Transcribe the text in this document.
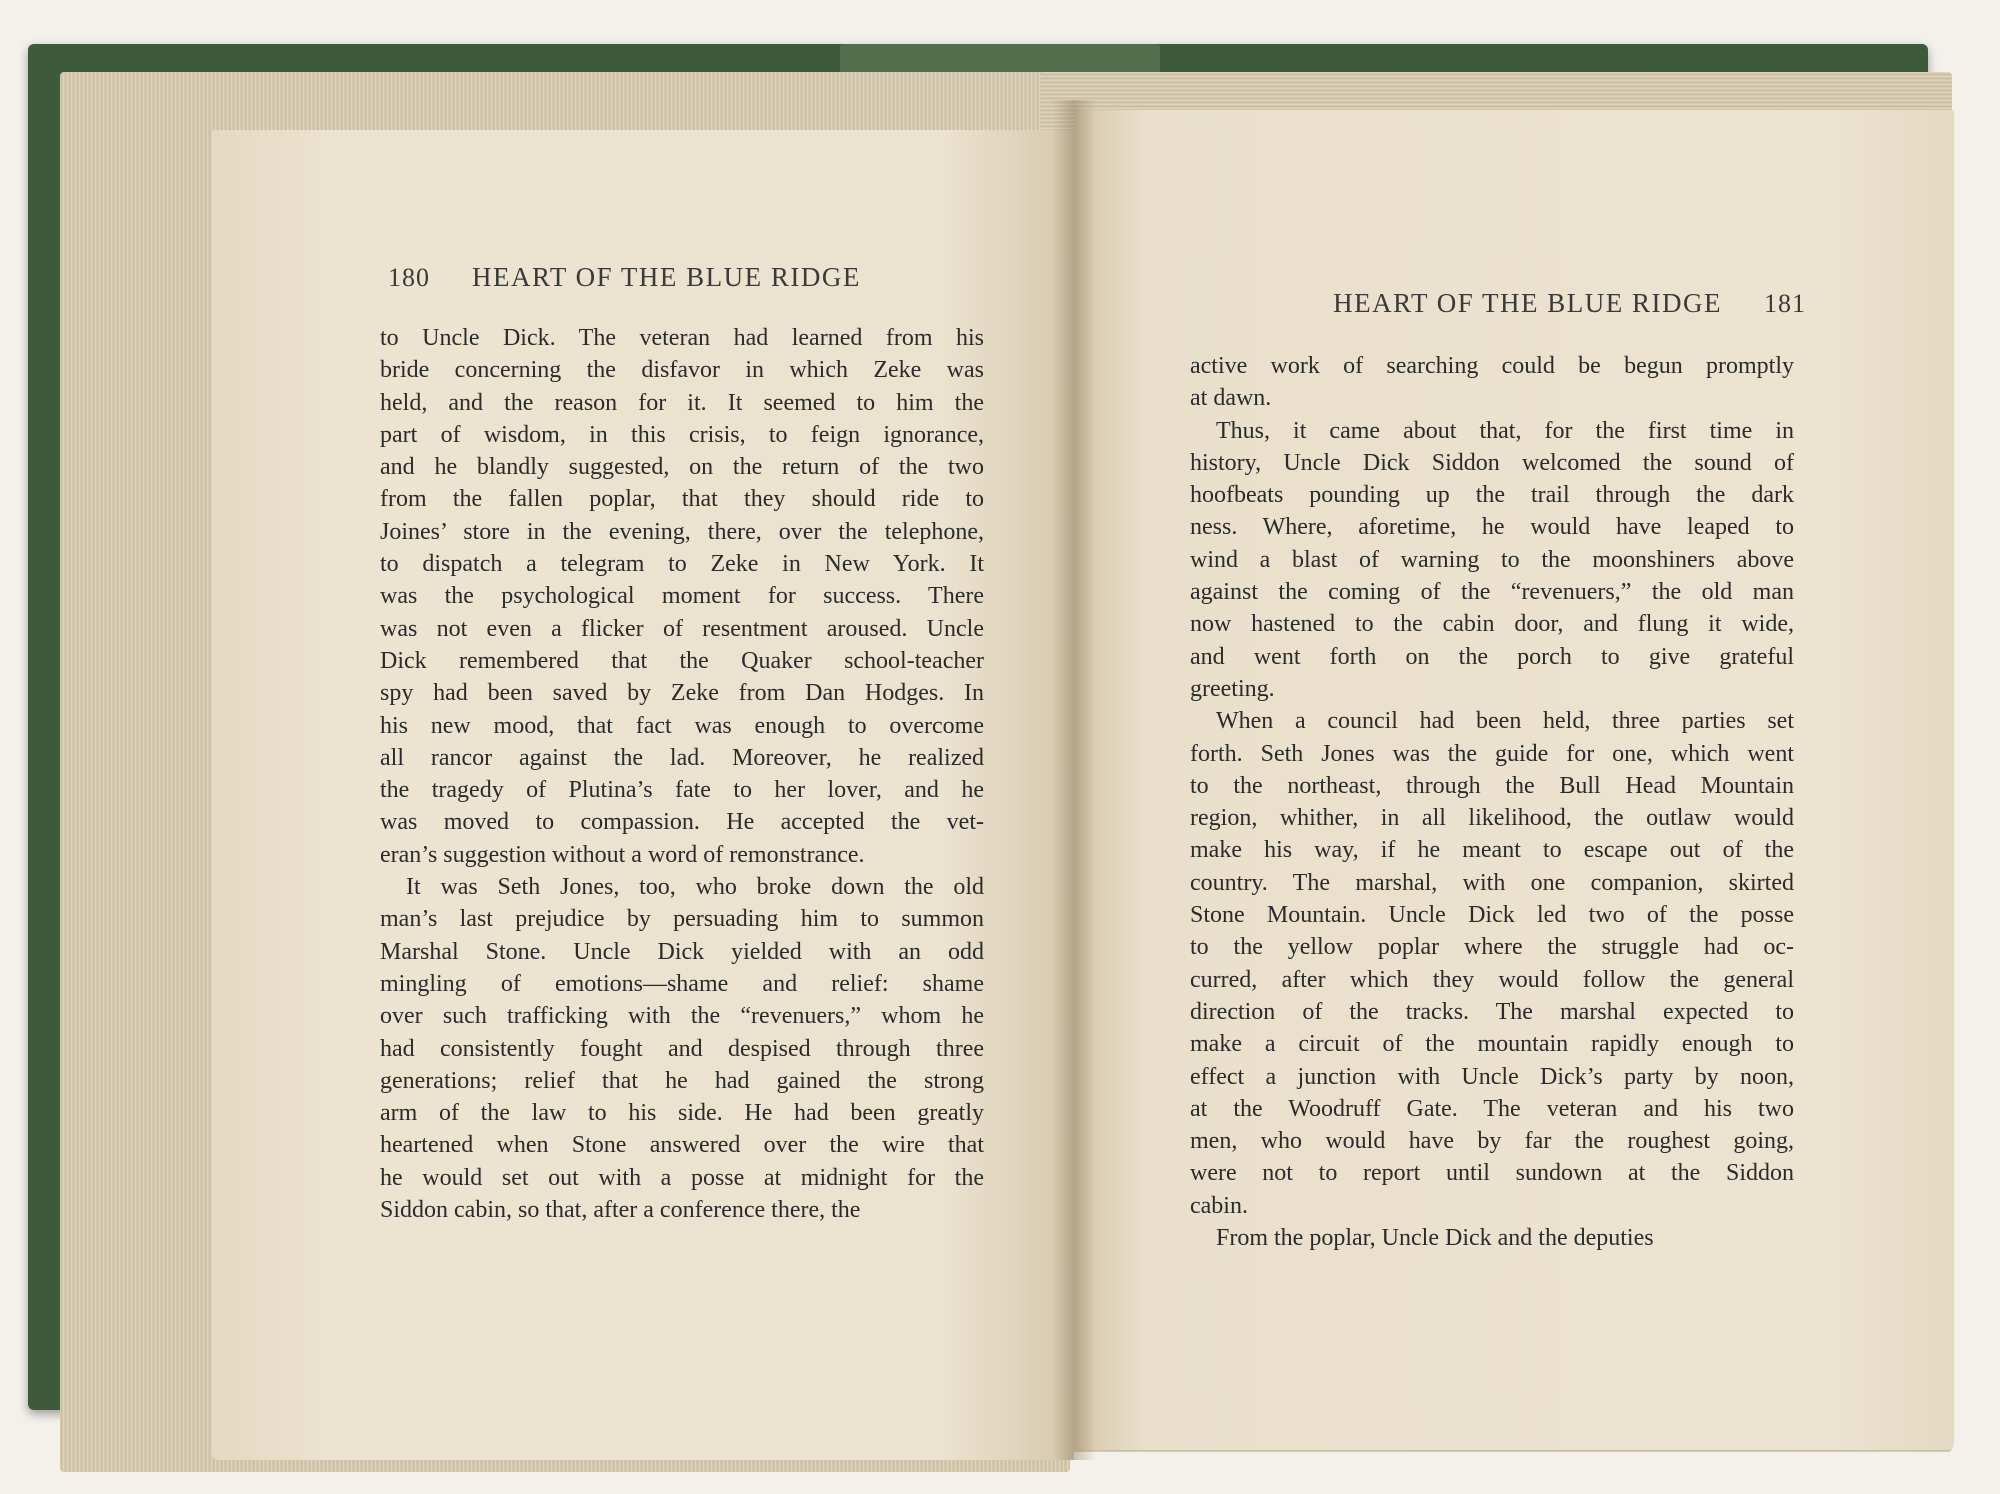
180 HEART OF THE BLUE RIDGE
HEART OF THE BLUE RIDGE 181
to Uncle Dick. The veteran had learned from his
bride concerning the disfavor in which Zeke was
held, and the reason for it. It seemed to him the
part of wisdom, in this crisis, to feign ignorance,
and he blandly suggested, on the return of the two
from the fallen poplar, that they should ride to
Joines’ store in the evening, there, over the telephone,
to dispatch a telegram to Zeke in New York. It
was the psychological moment for success. There
was not even a flicker of resentment aroused. Uncle
Dick remembered that the Quaker school-teacher
spy had been saved by Zeke from Dan Hodges. In
his new mood, that fact was enough to overcome
all rancor against the lad. Moreover, he realized
the tragedy of Plutina’s fate to her lover, and he
was moved to compassion. He accepted the vet-
eran’s suggestion without a word of remonstrance.
It was Seth Jones, too, who broke down the old
man’s last prejudice by persuading him to summon
Marshal Stone. Uncle Dick yielded with an odd
mingling of emotions—shame and relief: shame
over such trafficking with the “revenuers,” whom he
had consistently fought and despised through three
generations; relief that he had gained the strong
arm of the law to his side. He had been greatly
heartened when Stone answered over the wire that
he would set out with a posse at midnight for the
Siddon cabin, so that, after a conference there, the
active work of searching could be begun promptly
at dawn.
Thus, it came about that, for the first time in
history, Uncle Dick Siddon welcomed the sound of
hoofbeats pounding up the trail through the dark
ness. Where, aforetime, he would have leaped to
wind a blast of warning to the moonshiners above
against the coming of the “revenuers,” the old man
now hastened to the cabin door, and flung it wide,
and went forth on the porch to give grateful
greeting.
When a council had been held, three parties set
forth. Seth Jones was the guide for one, which went
to the northeast, through the Bull Head Mountain
region, whither, in all likelihood, the outlaw would
make his way, if he meant to escape out of the
country. The marshal, with one companion, skirted
Stone Mountain. Uncle Dick led two of the posse
to the yellow poplar where the struggle had oc-
curred, after which they would follow the general
direction of the tracks. The marshal expected to
make a circuit of the mountain rapidly enough to
effect a junction with Uncle Dick’s party by noon,
at the Woodruff Gate. The veteran and his two
men, who would have by far the roughest going,
were not to report until sundown at the Siddon
cabin.
From the poplar, Uncle Dick and the deputies
